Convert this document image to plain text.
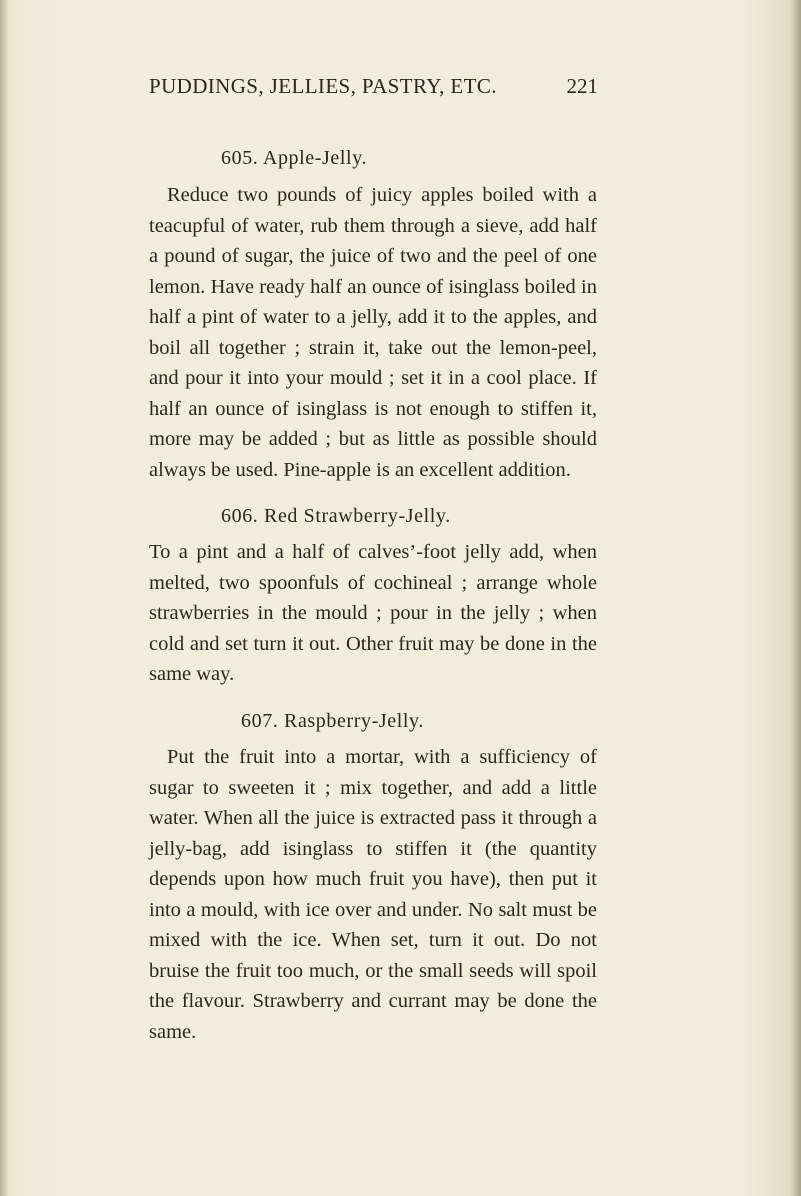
PUDDINGS, JELLIES, PASTRY, ETC.	221
605. Apple-Jelly.
Reduce two pounds of juicy apples boiled with a teacupful of water, rub them through a sieve, add half a pound of sugar, the juice of two and the peel of one lemon. Have ready half an ounce of isinglass boiled in half a pint of water to a jelly, add it to the apples, and boil all together ; strain it, take out the lemon-peel, and pour it into your mould ; set it in a cool place. If half an ounce of isinglass is not enough to stiffen it, more may be added ; but as little as possible should always be used. Pine-apple is an excellent addition.
606. Red Strawberry-Jelly.
To a pint and a half of calves’-foot jelly add, when melted, two spoonfuls of cochineal ; arrange whole strawberries in the mould ; pour in the jelly ; when cold and set turn it out. Other fruit may be done in the same way.
607. Raspberry-Jelly.
Put the fruit into a mortar, with a sufficiency of sugar to sweeten it ; mix together, and add a little water. When all the juice is extracted pass it through a jelly-bag, add isinglass to stiffen it (the quantity depends upon how much fruit you have), then put it into a mould, with ice over and under. No salt must be mixed with the ice. When set, turn it out. Do not bruise the fruit too much, or the small seeds will spoil the flavour. Strawberry and currant may be done the same.
